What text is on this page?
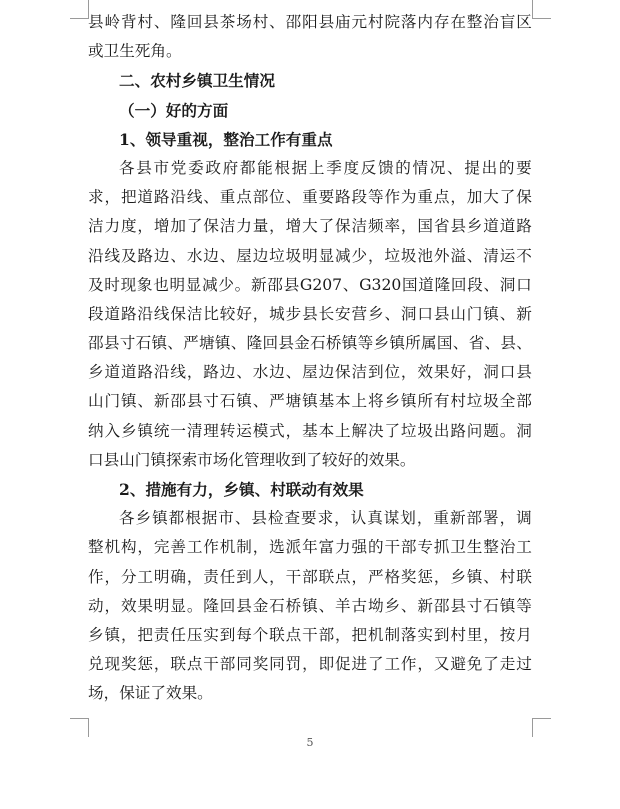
县 岭 背 村 、 隆 回 县 茶 场 村 、 邵 阳 县 庙 元 村 院 落 内 存 在 整 治 盲 区
或卫生死角。
二、农村乡镇卫生情况
（一）好的方面
1、领导重视，整治工作有重点
各 县 市 党 委 政 府 都 能 根 据 上 季 度 反 馈 的 情 况 、 提 出 的 要
求 ， 把 道 路 沿 线 、 重 点 部 位 、 重 要 路 段 等 作 为 重 点 ， 加 大 了 保
洁 力 度 ， 增 加 了 保 洁 力 量 ， 增 大 了 保 洁 频 率 ， 国 省 县 乡 道 道 路
沿 线 及 路 边 、 水 边 、 屋 边 垃 圾 明 显 减 少 ， 垃 圾 池 外 溢 、 清 运 不
及 时 现 象 也 明 显 减 少 。 新 邵 县 G207 、 G320 国 道 隆 回 段 、 洞 口
段 道 路 沿 线 保 洁 比 较 好 ， 城 步 县 长 安 营 乡 、 洞 口 县 山 门 镇 、 新
邵 县 寸 石 镇 、 严 塘 镇 、 隆 回 县 金 石 桥 镇 等 乡 镇 所 属 国 、 省 、 县 、
乡 道 道 路 沿 线 ， 路 边 、 水 边 、 屋 边 保 洁 到 位 ， 效 果 好 ， 洞 口 县
山 门 镇 、 新 邵 县 寸 石 镇 、 严 塘 镇 基 本 上 将 乡 镇 所 有 村 垃 圾 全 部
纳 入 乡 镇 统 一 清 理 转 运 模 式 ， 基 本 上 解 决 了 垃 圾 出 路 问 题 。 洞
口县山门镇探索市场化管理收到了较好的效果。
2、措施有力，乡镇、村联动有效果
各 乡 镇 都 根 据 市 、 县 检 查 要 求 ， 认 真 谋 划 ， 重 新 部 署 ， 调
整 机 构 ， 完 善 工 作 机 制 ， 选 派 年 富 力 强 的 干 部 专 抓 卫 生 整 治 工
作 ， 分 工 明 确 ， 责 任 到 人 ， 干 部 联 点 ， 严 格 奖 惩 ， 乡 镇 、 村 联
动 ， 效 果 明 显 。 隆 回 县 金 石 桥 镇 、 羊 古 坳 乡 、 新 邵 县 寸 石 镇 等
乡 镇 ， 把 责 任 压 实 到 每 个 联 点 干 部 ， 把 机 制 落 实 到 村 里 ， 按 月
兑 现 奖 惩 ， 联 点 干 部 同 奖 同 罚 ， 即 促 进 了 工 作 ， 又 避 免 了 走 过
场，保证了效果。
5
